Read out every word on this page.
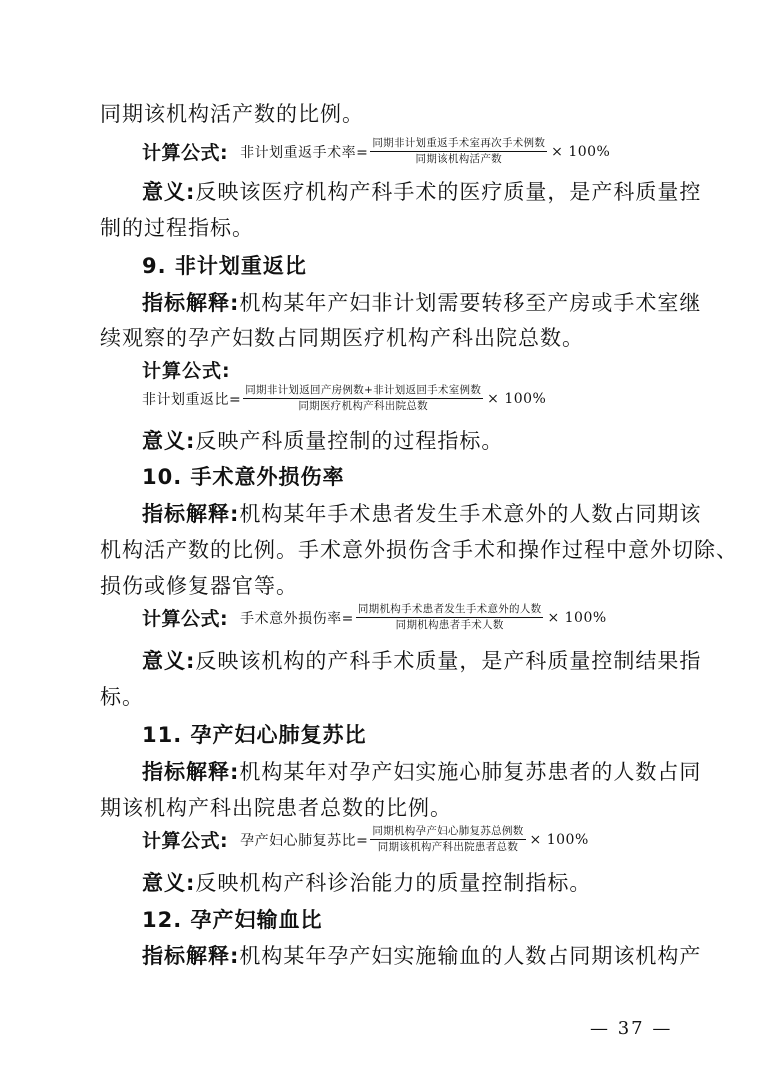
同期该机构活产数的比例。
计算公式: 非计划重返手术率= $\frac{\text{同期非计划重返手术室再次手术例数}}{\text{同期该机构活产数}} \times 100\%$
意义:反映该医疗机构产科手术的医疗质量，是产科质量控
制的过程指标。
9. 非计划重返比
指标解释:机构某年产妇非计划需要转移至产房或手术室继
续观察的孕产妇数占同期医疗机构产科出院总数。
计算公式:
非计划重返比= $\frac{\text{同期非计划返回产房例数+非计划返回手术室例数}}{\text{同期医疗机构产科出院总数}} \times 100\%$
意义:反映产科质量控制的过程指标。
10. 手术意外损伤率
指标解释:机构某年手术患者发生手术意外的人数占同期该
机构活产数的比例。手术意外损伤含手术和操作过程中意外切除、
损伤或修复器官等。
计算公式: 手术意外损伤率= $\frac{\text{同期机构手术患者发生手术意外的人数}}{\text{同期机构患者手术人数}} \times 100\%$
意义:反映该机构的产科手术质量，是产科质量控制结果指
标。
11. 孕产妇心肺复苏比
指标解释:机构某年对孕产妇实施心肺复苏患者的人数占同
期该机构产科出院患者总数的比例。
计算公式: 孕产妇心肺复苏比= $\frac{\text{同期机构孕产妇心肺复苏总例数}}{\text{同期该机构产科出院患者总数}} \times 100\%$
意义:反映机构产科诊治能力的质量控制指标。
12. 孕产妇输血比
指标解释:机构某年孕产妇实施输血的人数占同期该机构产
— 37 —
